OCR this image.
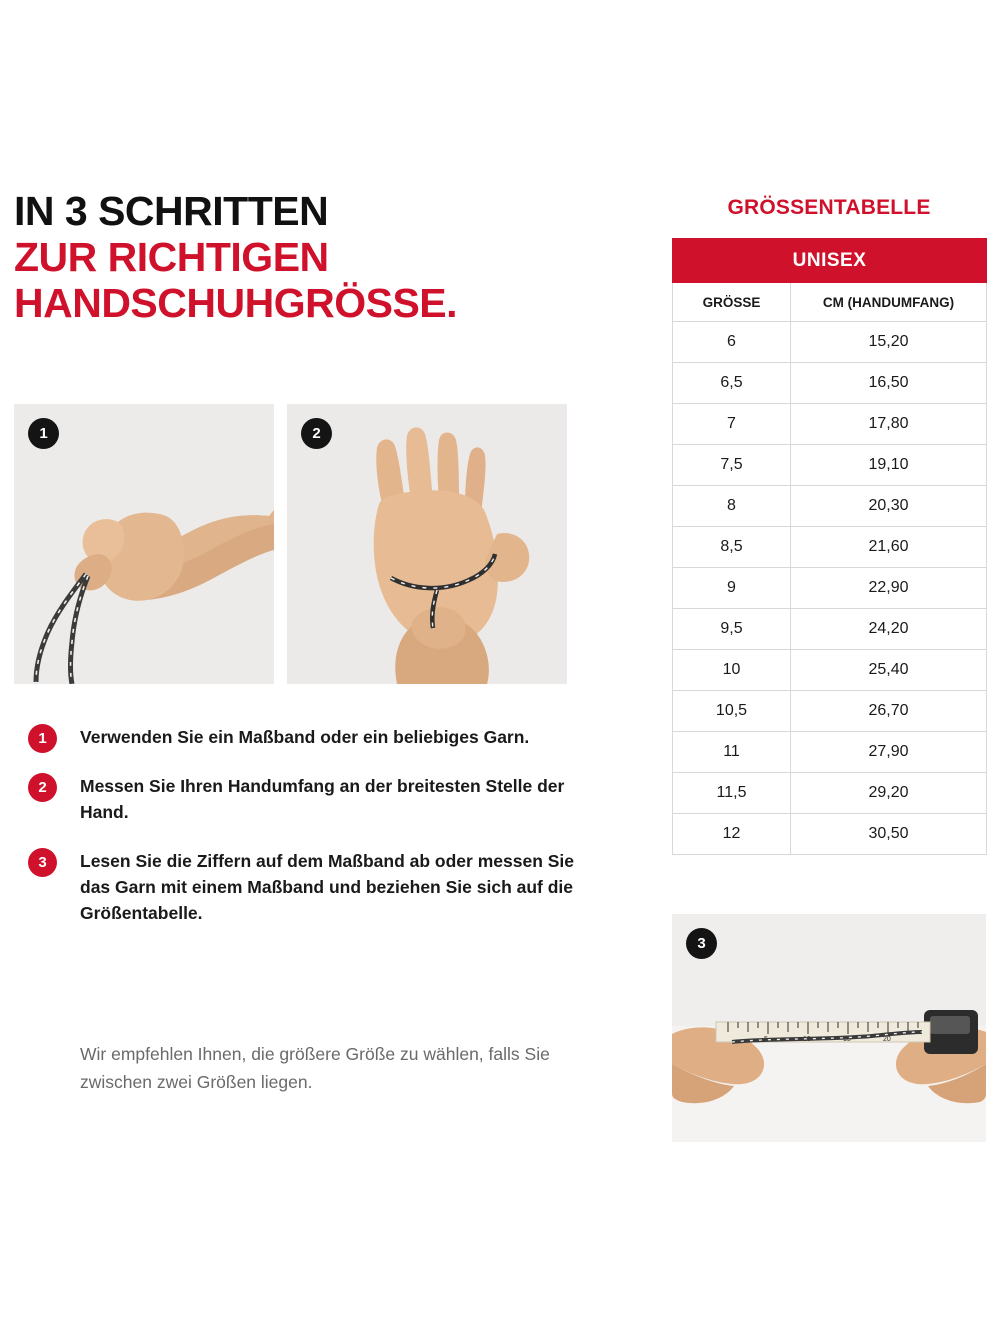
IN 3 SCHRITTEN
ZUR RICHTIGEN
HANDSCHUHGRÖSSE.
1	2
1	Verwenden Sie ein Maßband oder ein beliebiges Garn.
2	Messen Sie Ihren Handumfang an der breitesten Stelle der Hand.
3	Lesen Sie die Ziffern auf dem Maßband ab oder messen Sie das Garn mit einem Maßband und beziehen Sie sich auf die Größentabelle.
Wir empfehlen Ihnen, die größere Größe zu wählen, falls Sie zwischen zwei Größen liegen.
GRÖSSENTABELLE
UNISEX	
GRÖSSE	CM (HANDUMFANG)
6	15,20
6,5	16,50
7	17,80
7,5	19,10
8	20,30
8,5	21,60
9	22,90
9,5	24,20
10	25,40
10,5	26,70
11	27,90
11,5	29,20
12	30,50
5	10	15	20
3
